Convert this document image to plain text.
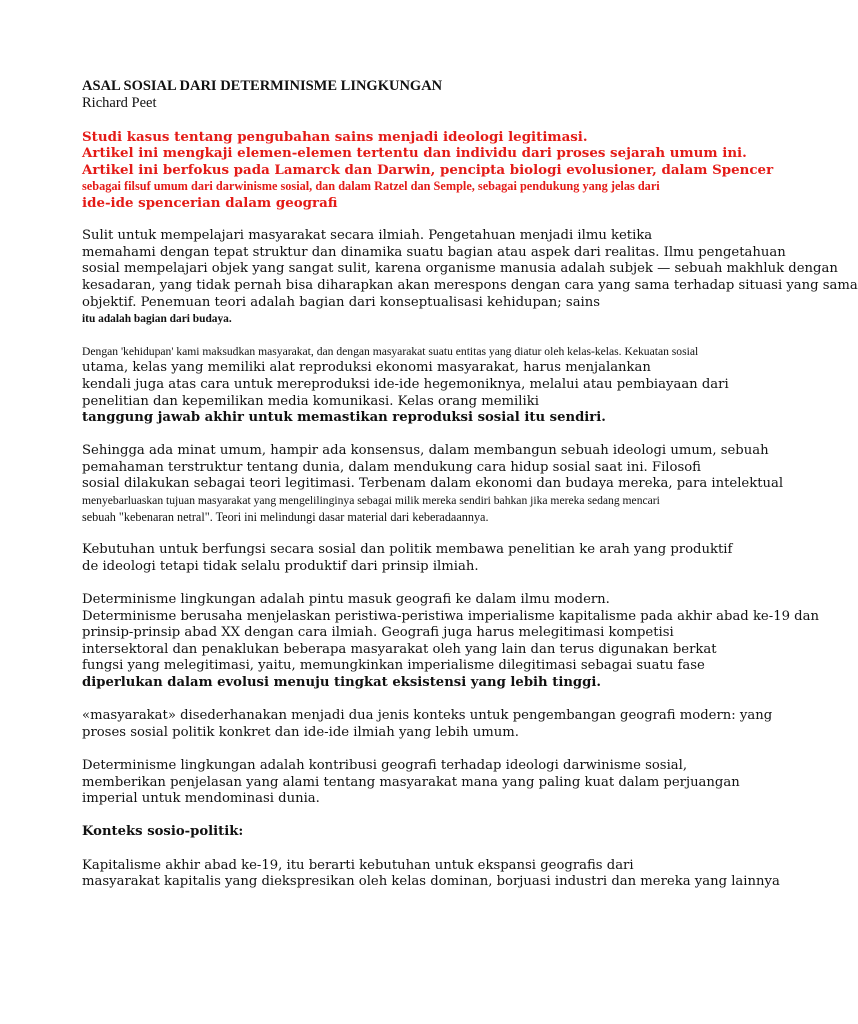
ASAL SOSIAL DARI DETERMINISME LINGKUNGAN
Richard Peet
Studi kasus tentang pengubahan sains menjadi ideologi legitimasi.
Artikel ini mengkaji elemen-elemen tertentu dan individu dari proses sejarah umum ini.
Artikel ini berfokus pada Lamarck dan Darwin, pencipta biologi evolusioner, dalam Spencer
sebagai filsuf umum dari darwinisme sosial, dan dalam Ratzel dan Semple, sebagai pendukung yang jelas dari
ide-ide spencerian dalam geografi
Sulit untuk mempelajari masyarakat secara ilmiah. Pengetahuan menjadi ilmu ketika
memahami dengan tepat struktur dan dinamika suatu bagian atau aspek dari realitas. Ilmu pengetahuan
sosial mempelajari objek yang sangat sulit, karena organisme manusia adalah subjek — sebuah makhluk dengan
kesadaran, yang tidak pernah bisa diharapkan akan merespons dengan cara yang sama terhadap situasi yang sama
objektif. Penemuan teori adalah bagian dari konseptualisasi kehidupan; sains
itu adalah bagian dari budaya.
Dengan 'kehidupan' kami maksudkan masyarakat, dan dengan masyarakat suatu entitas yang diatur oleh kelas-kelas. Kekuatan sosial
utama, kelas yang memiliki alat reproduksi ekonomi masyarakat, harus menjalankan
kendali juga atas cara untuk mereproduksi ide-ide hegemoniknya, melalui atau pembiayaan dari
penelitian dan kepemilikan media komunikasi. Kelas orang memiliki
tanggung jawab akhir untuk memastikan reproduksi sosial itu sendiri.
Sehingga ada minat umum, hampir ada konsensus, dalam membangun sebuah ideologi umum, sebuah
pemahaman terstruktur tentang dunia, dalam mendukung cara hidup sosial saat ini. Filosofi
sosial dilakukan sebagai teori legitimasi. Terbenam dalam ekonomi dan budaya mereka, para intelektual
menyebarluaskan tujuan masyarakat yang mengelilinginya sebagai milik mereka sendiri bahkan jika mereka sedang mencari
sebuah "kebenaran netral". Teori ini melindungi dasar material dari keberadaannya.
Kebutuhan untuk berfungsi secara sosial dan politik membawa penelitian ke arah yang produktif
de ideologi tetapi tidak selalu produktif dari prinsip ilmiah.
Determinisme lingkungan adalah pintu masuk geografi ke dalam ilmu modern.
Determinisme berusaha menjelaskan peristiwa-peristiwa imperialisme kapitalisme pada akhir abad ke-19 dan
prinsip-prinsip abad XX dengan cara ilmiah. Geografi juga harus melegitimasi kompetisi
intersektoral dan penaklukan beberapa masyarakat oleh yang lain dan terus digunakan berkat
fungsi yang melegitimasi, yaitu, memungkinkan imperialisme dilegitimasi sebagai suatu fase
diperlukan dalam evolusi menuju tingkat eksistensi yang lebih tinggi.
«masyarakat» disederhanakan menjadi dua jenis konteks untuk pengembangan geografi modern: yang
proses sosial politik konkret dan ide-ide ilmiah yang lebih umum.
Determinisme lingkungan adalah kontribusi geografi terhadap ideologi darwinisme sosial,
memberikan penjelasan yang alami tentang masyarakat mana yang paling kuat dalam perjuangan
imperial untuk mendominasi dunia.
Konteks sosio-politik:
Kapitalisme akhir abad ke-19, itu berarti kebutuhan untuk ekspansi geografis dari
masyarakat kapitalis yang diekspresikan oleh kelas dominan, borjuasi industri dan mereka yang lainnya
